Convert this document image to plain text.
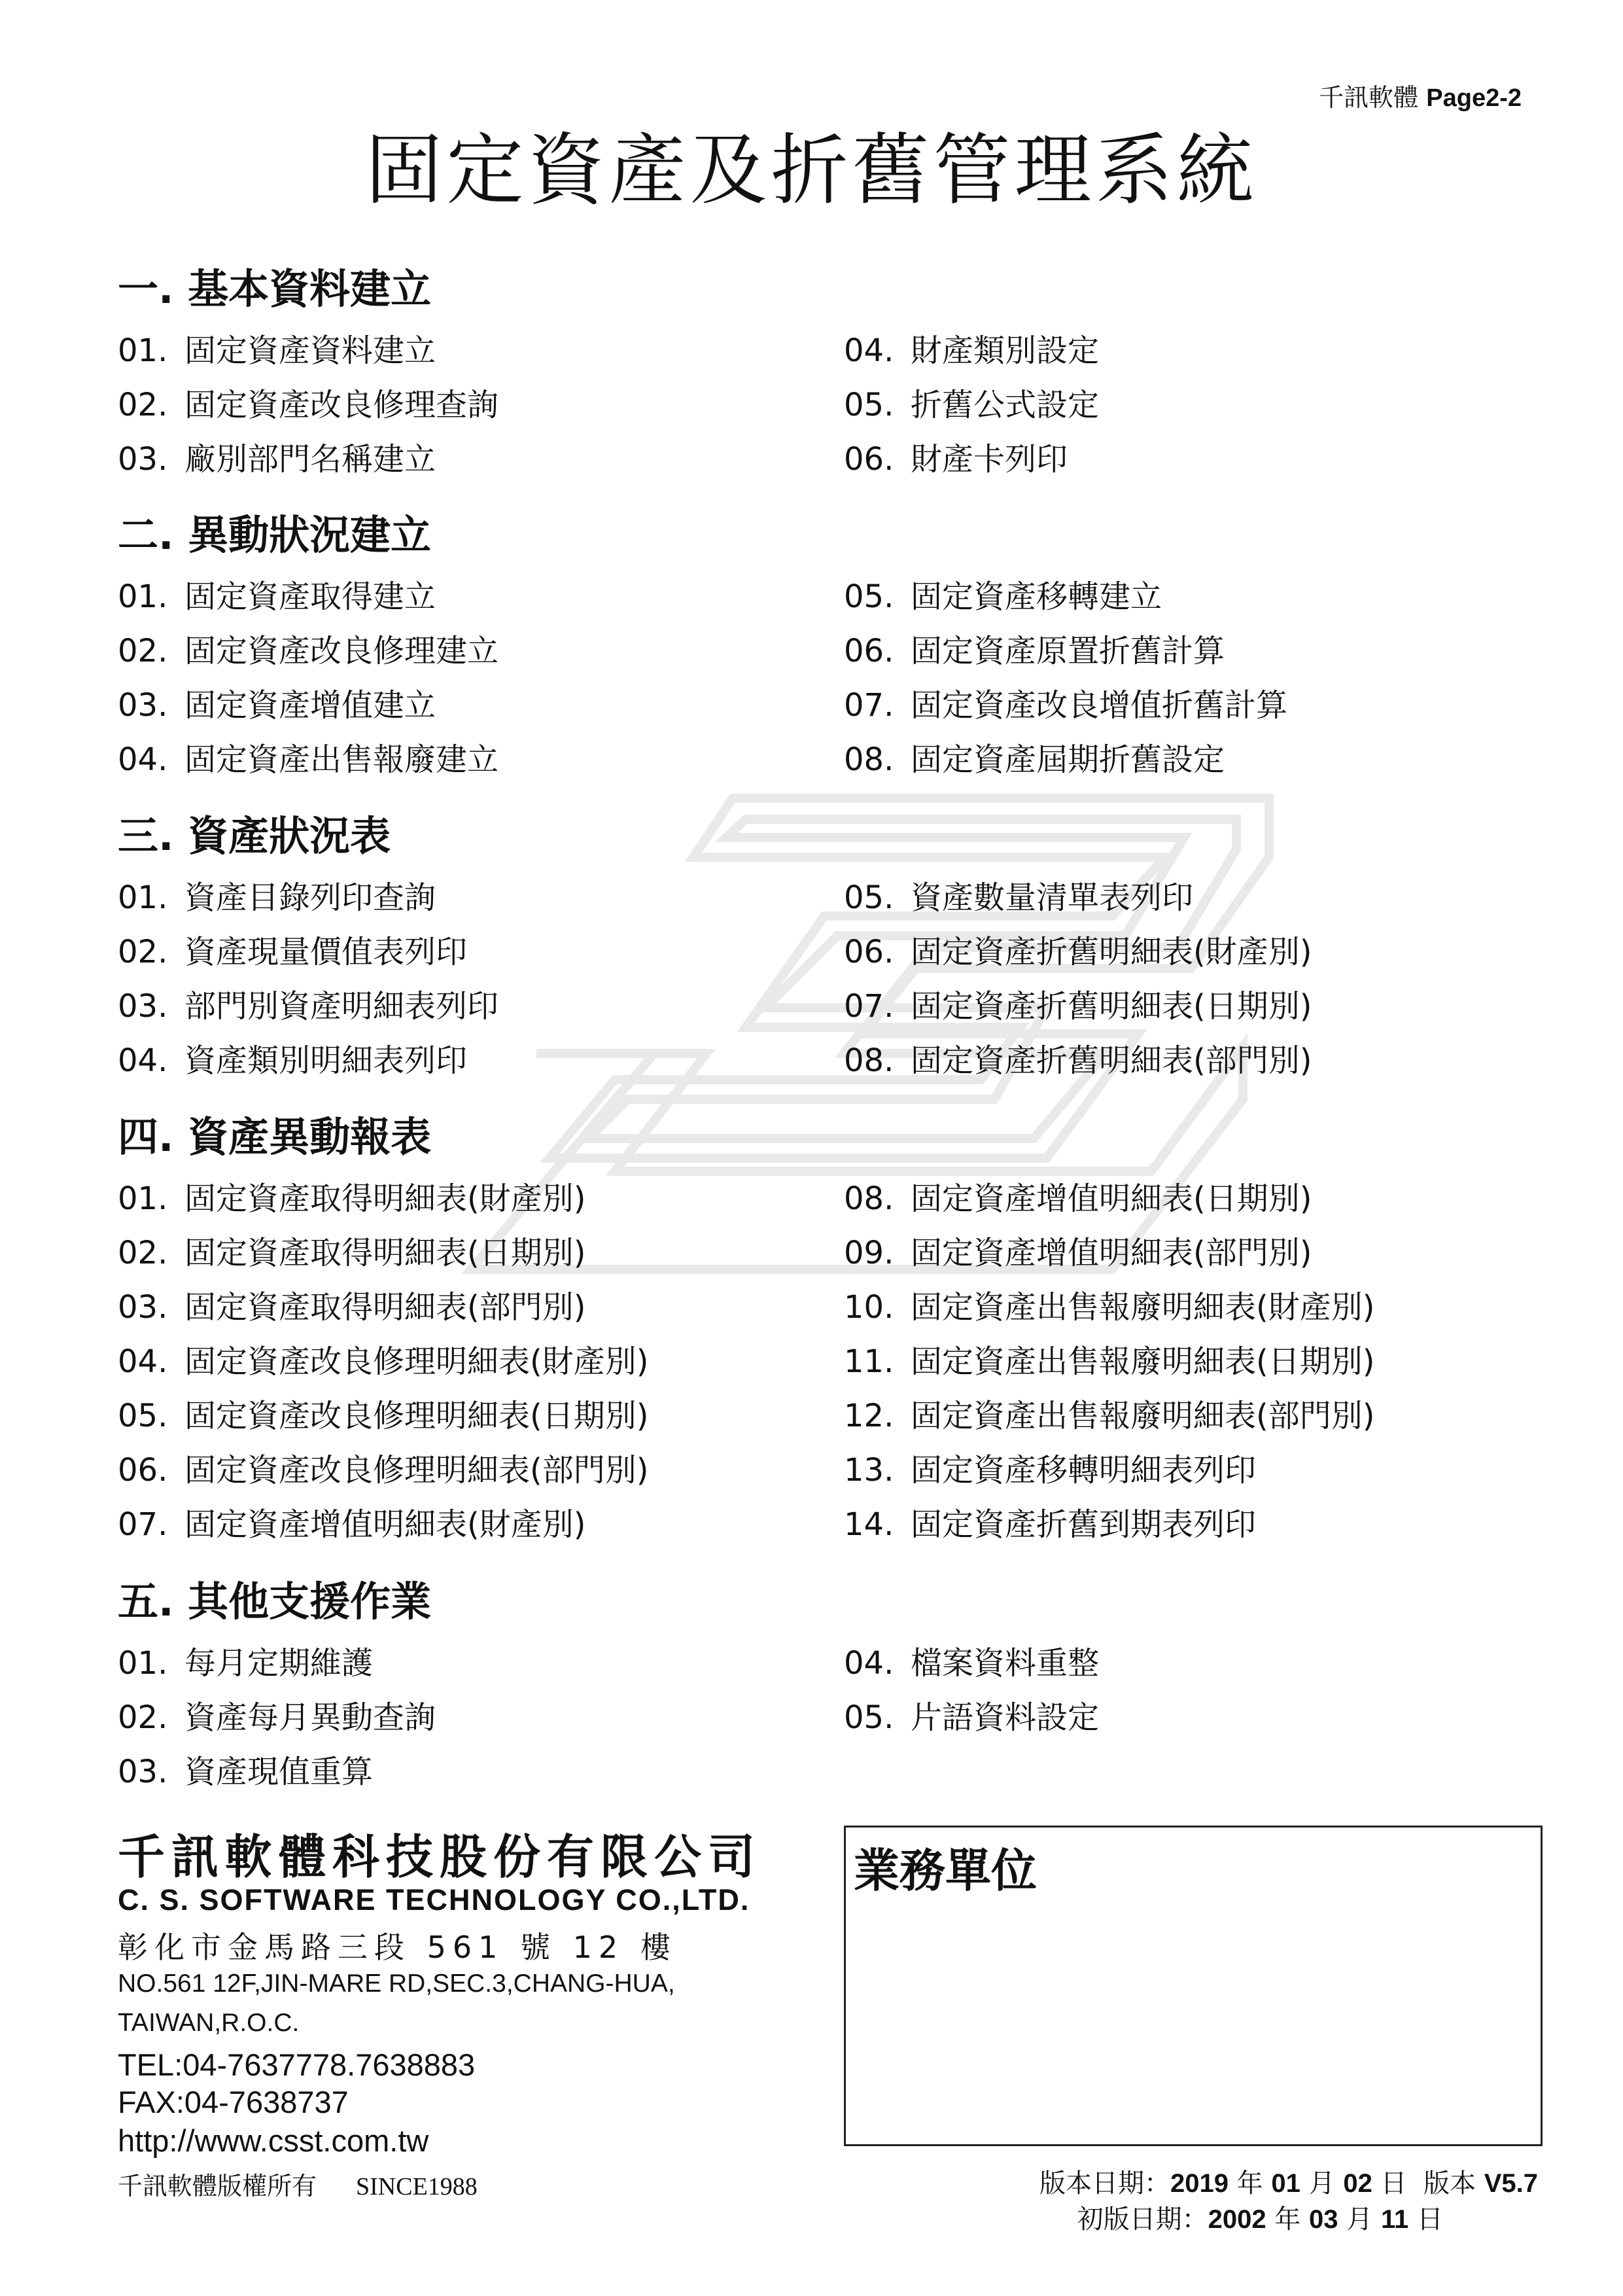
千訊軟體 Page2-2
固定資產及折舊管理系統
一. 基本資料建立
01. 固定資產資料建立
02. 固定資產改良修理查詢
03. 廠別部門名稱建立
04. 財產類別設定
05. 折舊公式設定
06. 財產卡列印
二. 異動狀況建立
01. 固定資產取得建立
02. 固定資產改良修理建立
03. 固定資產增值建立
04. 固定資產出售報廢建立
05. 固定資產移轉建立
06. 固定資產原置折舊計算
07. 固定資產改良增值折舊計算
08. 固定資產屆期折舊設定
三. 資產狀況表
01. 資產目錄列印查詢
02. 資產現量價值表列印
03. 部門別資產明細表列印
04. 資產類別明細表列印
05. 資產數量清單表列印
06. 固定資產折舊明細表(財產別)
07. 固定資產折舊明細表(日期別)
08. 固定資產折舊明細表(部門別)
四. 資產異動報表
01. 固定資產取得明細表(財產別)
02. 固定資產取得明細表(日期別)
03. 固定資產取得明細表(部門別)
04. 固定資產改良修理明細表(財產別)
05. 固定資產改良修理明細表(日期別)
06. 固定資產改良修理明細表(部門別)
07. 固定資產增值明細表(財產別)
08. 固定資產增值明細表(日期別)
09. 固定資產增值明細表(部門別)
10. 固定資產出售報廢明細表(財產別)
11. 固定資產出售報廢明細表(日期別)
12. 固定資產出售報廢明細表(部門別)
13. 固定資產移轉明細表列印
14. 固定資產折舊到期表列印
五. 其他支援作業
01. 每月定期維護
02. 資產每月異動查詢
03. 資產現值重算
04. 檔案資料重整
05. 片語資料設定
千訊軟體科技股份有限公司
C. S. SOFTWARE TECHNOLOGY CO.,LTD.
彰化市金馬路三段 561 號 12 樓
NO.561 12F,JIN-MARE RD,SEC.3,CHANG-HUA,
TAIWAN,R.O.C.
TEL:04-7637778.7638883
FAX:04-7638737
http://www.csst.com.tw
千訊軟體版權所有 SINCE1988
業務單位
版本日期：2019 年 01 月 02 日 版本 V5.7
初版日期：2002 年 03 月 11 日
